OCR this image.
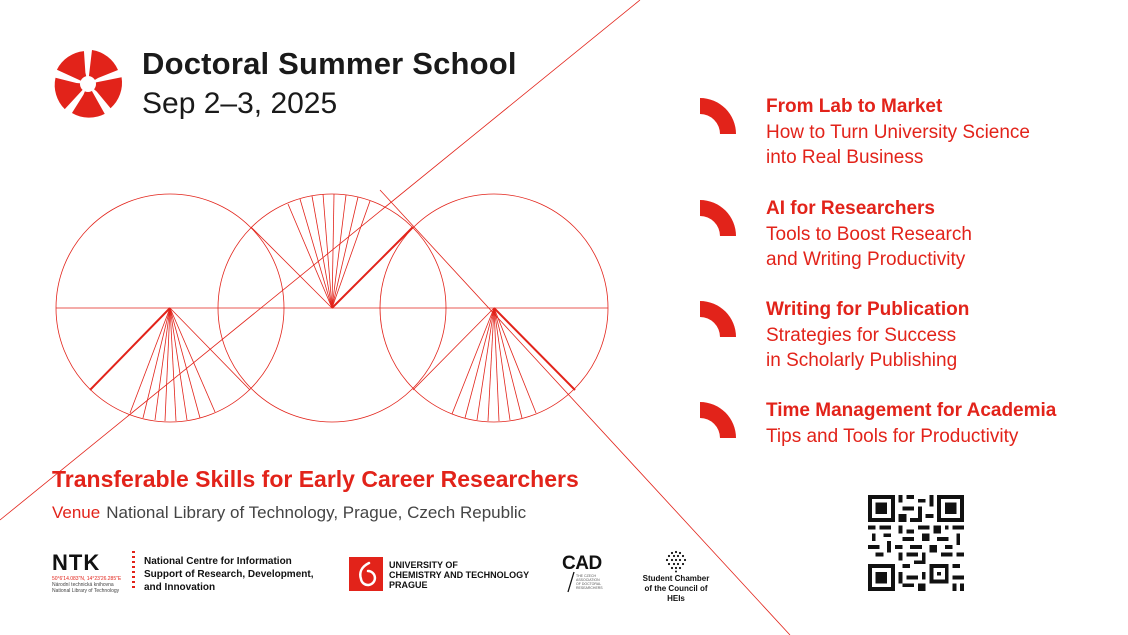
Doctoral Summer School
Sep 2–3, 2025
Transferable Skills for Early Career Researchers
Venue National Library of Technology, Prague, Czech Republic
From Lab to Market
How to Turn University Science
into Real Business
AI for Researchers
Tools to Boost Research
and Writing Productivity
Writing for Publication
Strategies for Success
in Scholarly Publishing
Time Management for Academia
Tips and Tools for Productivity
NTK
50°6'14.083"N, 14°23'26.285"E
Národní technická knihovna
National Library of Technology
National Centre for Information
Support of Research, Development,
and Innovation
UNIVERSITY OF
CHEMISTRY AND TECHNOLOGY
PRAGUE
CAD
THE CZECH
ASSOCIATION
OF DOCTORAL
RESEARCHERS
Student Chamber
of the Council of HEIs
